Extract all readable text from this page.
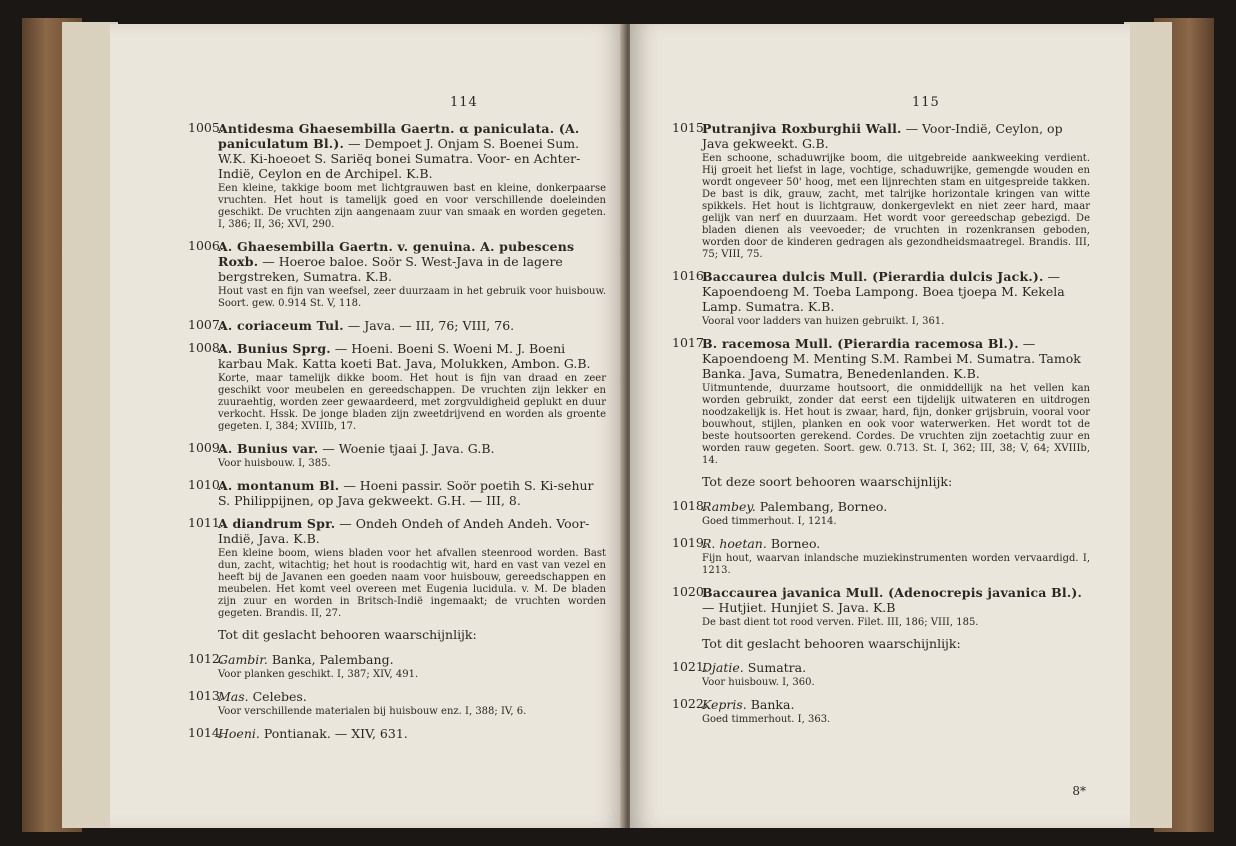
114
1005.
Antidesma Ghaesembilla Gaertn. α paniculata. (A. paniculatum Bl.). — Dempoet J. Onjam S. Boenei Sum. W.K. Ki-hoeoet S. Sariëq bonei Sumatra. Voor- en Achter-Indië, Ceylon en de Archipel. K.B.
Een kleine, takkige boom met lichtgrauwen bast en kleine, donkerpaarse vruchten. Het hout is tamelijk goed en voor verschillende doeleinden geschikt. De vruchten zijn aangenaam zuur van smaak en worden gegeten. I, 386; II, 36; XVI, 290.
1006.
A. Ghaesembilla Gaertn. v. genuina. A. pubescens Roxb. — Hoeroe baloe. Soör S. West-Java in de lagere bergstreken, Sumatra. K.B.
Hout vast en fijn van weefsel, zeer duurzaam in het gebruik voor huisbouw. Soort. gew. 0.914 St. V, 118.
1007.
A. coriaceum Tul. — Java. — III, 76; VIII, 76.
1008.
A. Bunius Sprg. — Hoeni. Boeni S. Woeni M. J. Boeni karbau Mak. Katta koeti Bat. Java, Molukken, Ambon. G.B.
Korte, maar tamelijk dikke boom. Het hout is fijn van draad en zeer geschikt voor meubelen en gereedschappen. De vruchten zijn lekker en zuuraehtig, worden zeer gewaardeerd, met zorgvuldigheid geplukt en duur verkocht. Hssk. De jonge bladen zijn zweetdrijvend en worden als groente gegeten. I, 384; XVIIIb, 17.
1009.
A. Bunius var. — Woenie tjaai J. Java. G.B.
Voor huisbouw. I, 385.
1010.
A. montanum Bl. — Hoeni passir. Soör poetih S. Ki-sehur S. Philippijnen, op Java gekweekt. G.H. — III, 8.
1011.
A diandrum Spr. — Ondeh Ondeh of Andeh Andeh. Voor-Indië, Java. K.B.
Een kleine boom, wiens bladen voor het afvallen steenrood worden. Bast dun, zacht, witachtig; het hout is roodachtig wit, hard en vast van vezel en heeft bij de Javanen een goeden naam voor huisbouw, gereedschappen en meubelen. Het komt veel overeen met Eugenia lucidula. v. M. De bladen zijn zuur en worden in Britsch-Indië ingemaakt; de vruchten worden gegeten. Brandis. II, 27.
Tot dit geslacht behooren waarschijnlijk:
1012.
Gambir. Banka, Palembang.
Voor planken geschikt. I, 387; XIV, 491.
1013.
Mas. Celebes.
Voor verschillende materialen bij huisbouw enz. I, 388; IV, 6.
1014.
Hoeni. Pontianak. — XIV, 631.
115
1015.
Putranjiva Roxburghii Wall. — Voor-Indië, Ceylon, op Java gekweekt. G.B.
Een schoone, schaduwrijke boom, die uitgebreide aankweeking verdient. Hij groeit het liefst in lage, vochtige, schaduwrijke, gemengde wouden en wordt ongeveer 50' hoog, met een lijnrechten stam en uitgespreide takken. De bast is dik, grauw, zacht, met talrijke horizontale kringen van witte spikkels. Het hout is lichtgrauw, donkergevlekt en niet zeer hard, maar gelijk van nerf en duurzaam. Het wordt voor gereedschap gebezigd. De bladen dienen als veevoeder; de vruchten in rozenkransen geboden, worden door de kinderen gedragen als gezondheidsmaatregel. Brandis. III, 75; VIII, 75.
1016.
Baccaurea dulcis Mull. (Pierardia dulcis Jack.). — Kapoendoeng M. Toeba Lampong. Boea tjoepa M. Kekela Lamp. Sumatra. K.B.
Vooral voor ladders van huizen gebruikt. I, 361.
1017.
B. racemosa Mull. (Pierardia racemosa Bl.). — Kapoendoeng M. Menting S.M. Rambei M. Sumatra. Tamok Banka. Java, Sumatra, Benedenlanden. K.B.
Uitmuntende, duurzame houtsoort, die onmiddellijk na het vellen kan worden gebruikt, zonder dat eerst een tijdelijk uitwateren en uitdrogen noodzakelijk is. Het hout is zwaar, hard, fijn, donker grijsbruin, vooral voor bouwhout, stijlen, planken en ook voor waterwerken. Het wordt tot de beste houtsoorten gerekend. Cordes. De vruchten zijn zoetachtig zuur en worden rauw gegeten. Soort. gew. 0.713. St. I, 362; III, 38; V, 64; XVIIIb, 14.
Tot deze soort behooren waarschijnlijk:
1018.
Rambey. Palembang, Borneo.
Goed timmerhout. I, 1214.
1019.
R. hoetan. Borneo.
Fijn hout, waarvan inlandsche muziekinstrumenten worden vervaardigd. I, 1213.
1020.
Baccaurea javanica Mull. (Adenocrepis javanica Bl.). — Hutjiet. Hunjiet S. Java. K.B
De bast dient tot rood verven. Filet. III, 186; VIII, 185.
Tot dit geslacht behooren waarschijnlijk:
1021.
Djatie. Sumatra.
Voor huisbouw. I, 360.
1022.
Kepris. Banka.
Goed timmerhout. I, 363.
8*
